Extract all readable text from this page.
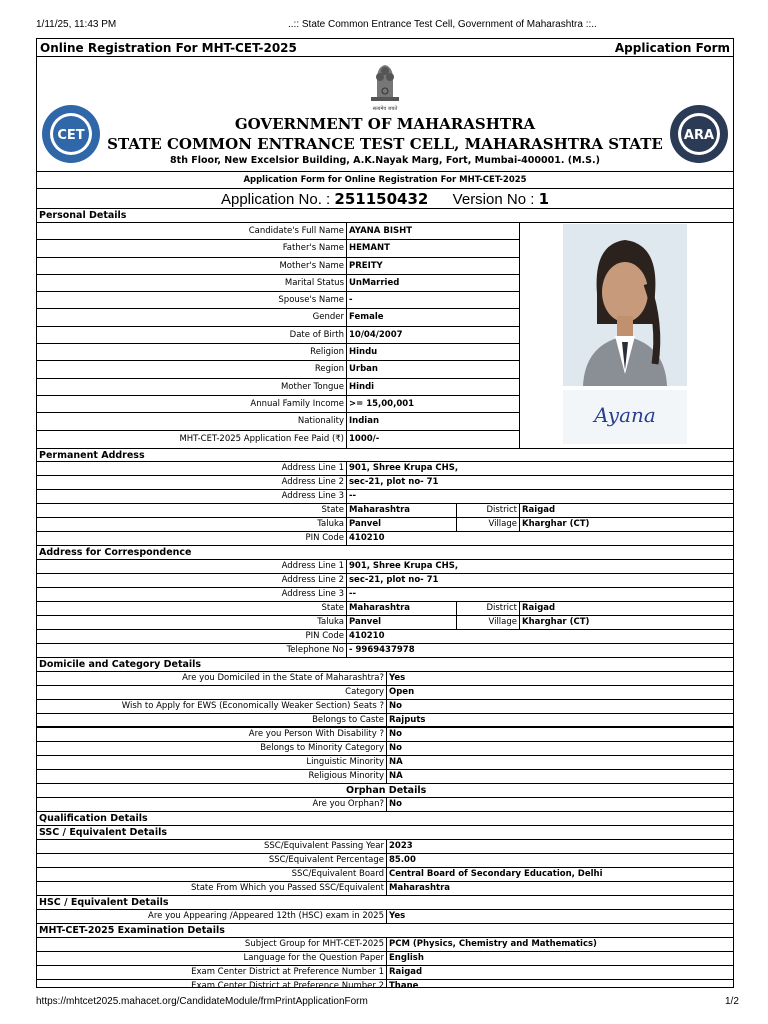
1/11/25, 11:43 PM	..:: State Common Entrance Test Cell, Government of Maharashtra ::..
Online Registration For MHT-CET-2025	Application Form
CET
सत्यमेव जयते
ARA
GOVERNMENT OF MAHARASHTRA
STATE COMMON ENTRANCE TEST CELL, MAHARASHTRA STATE
8th Floor, New Excelsior Building, A.K.Nayak Marg, Fort, Mumbai-400001. (M.S.)
Application Form for Online Registration For MHT-CET-2025
Application No. : 251150432 Version No : 1
Personal Details
Candidate's Full Name AYANA BISHT
Father's Name HEMANT
Mother's Name PREITY
Marital Status UnMarried
Spouse's Name -
Gender Female
Date of Birth 10/04/2007
Religion Hindu
Region Urban
Mother Tongue Hindi
Annual Family Income >= 15,00,001
Nationality Indian
MHT-CET-2025 Application Fee Paid (₹) 1000/-
Ayana
Permanent Address
Address Line 1 901, Shree Krupa CHS,
Address Line 2 sec-21, plot no- 71
Address Line 3 --
State Maharashtra	District Raigad
Taluka Panvel	Village Kharghar (CT)
PIN Code 410210
Address for Correspondence
Address Line 1 901, Shree Krupa CHS,
Address Line 2 sec-21, plot no- 71
Address Line 3 --
State Maharashtra	District Raigad
Taluka Panvel	Village Kharghar (CT)
PIN Code 410210
Telephone No - 9969437978
Domicile and Category Details
Are you Domiciled in the State of Maharashtra? Yes
Category Open
Wish to Apply for EWS (Economically Weaker Section) Seats ? No
Belongs to Caste Rajputs
Are you Person With Disability ? No
Belongs to Minority Category No
Linguistic Minority NA
Religious Minority NA
Orphan Details
Are you Orphan? No
Qualification Details
SSC / Equivalent Details
SSC/Equivalent Passing Year 2023
SSC/Equivalent Percentage 85.00
SSC/Equivalent Board Central Board of Secondary Education, Delhi
State From Which you Passed SSC/Equivalent Maharashtra
HSC / Equivalent Details
Are you Appearing /Appeared 12th (HSC) exam in 2025 Yes
MHT-CET-2025 Examination Details
Subject Group for MHT-CET-2025 PCM (Physics, Chemistry and Mathematics)
Language for the Question Paper English
Exam Center District at Preference Number 1 Raigad
Exam Center District at Preference Number 2 Thane
https://mhtcet2025.mahacet.org/CandidateModule/frmPrintApplicationForm	1/2
